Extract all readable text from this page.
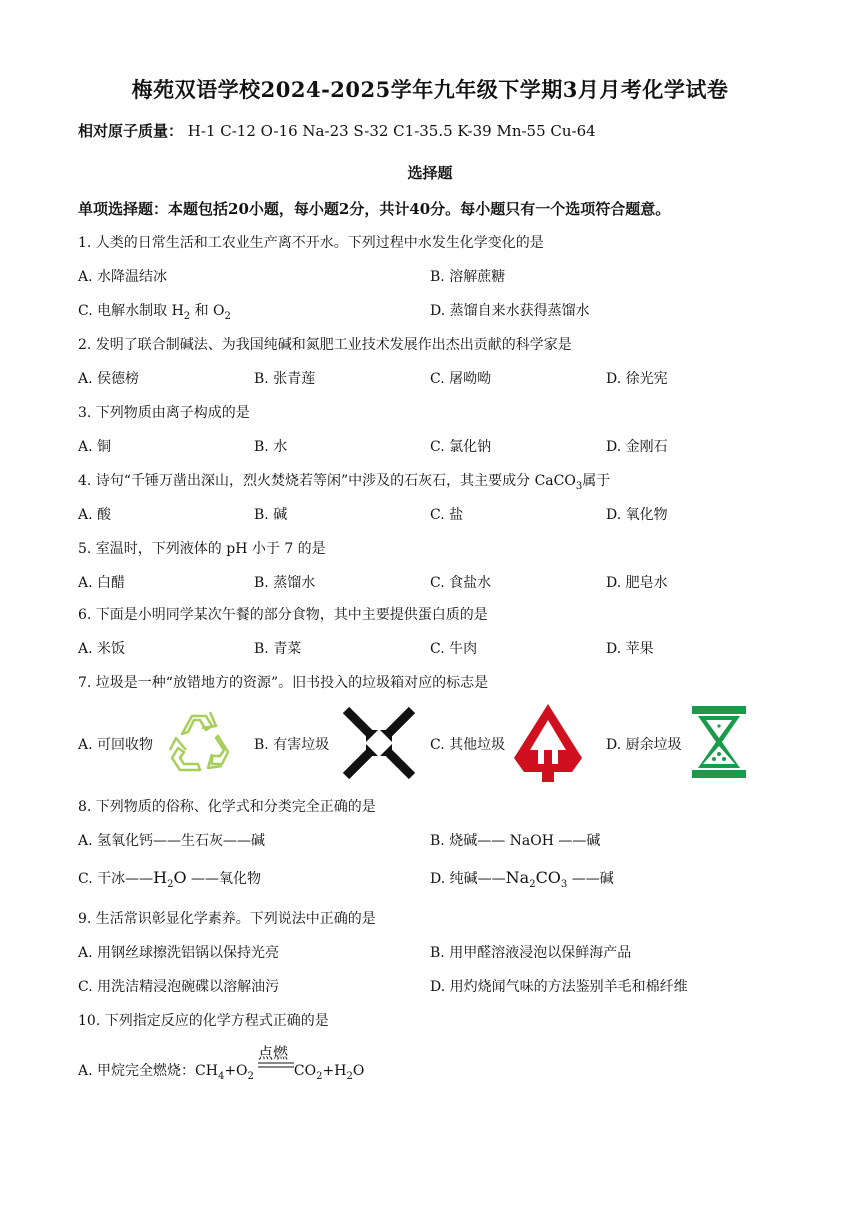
梅苑双语学校2024-2025学年九年级下学期3月月考化学试卷
相对原子质量： H-1 C-12 O-16 Na-23 S-32 C1-35.5 K-39 Mn-55 Cu-64
选择题
单项选择题：本题包括20小题，每小题2分，共计40分。每小题只有一个选项符合题意。
1. 人类的日常生活和工农业生产离不开水。下列过程中水发生化学变化的是
A. 水降温结冰	B. 溶解蔗糖
C. 电解水制取 $H_2$ 和 $O_2$	D. 蒸馏自来水获得蒸馏水
2. 发明了联合制碱法、为我国纯碱和氮肥工业技术发展作出杰出贡献的科学家是
A. 侯德榜	B. 张青莲	C. 屠呦呦	D. 徐光宪
3. 下列物质由离子构成的是
A. 铜	B. 水	C. 氯化钠	D. 金刚石
4. 诗句“千锤万凿出深山，烈火焚烧若等闲”中涉及的石灰石，其主要成分 CaCO$_3$属于
A. 酸	B. 碱	C. 盐	D. 氧化物
5. 室温时，下列液体的 pH 小于 7 的是
A. 白醋	B. 蒸馏水	C. 食盐水	D. 肥皂水
6. 下面是小明同学某次午餐的部分食物，其中主要提供蛋白质的是
A. 米饭	B. 青菜	C. 牛肉	D. 苹果
7. 垃圾是一种“放错地方的资源”。旧书投入的垃圾箱对应的标志是
A. 可回收物	B. 有害垃圾	C. 其他垃圾	D. 厨余垃圾
8. 下列物质的俗称、化学式和分类完全正确的是
A. 氢氧化钙——生石灰——碱	B. 烧碱—— NaOH ——碱
C. 干冰$——H_2O$ ——氧化物	D. 纯碱$——Na_2CO_3$ ——碱
9. 生活常识彰显化学素养。下列说法中正确的是
A. 用钢丝球擦洗铝锅以保持光亮	B. 用甲醛溶液浸泡以保鲜海产品
C. 用洗洁精浸泡碗碟以溶解油污	D. 用灼烧闻气味的方法鉴别羊毛和棉纤维
10. 下列指定反应的化学方程式正确的是
点燃
A. 甲烷完全燃烧：$CH_4+O_2$	$CO_2+H_2O$
